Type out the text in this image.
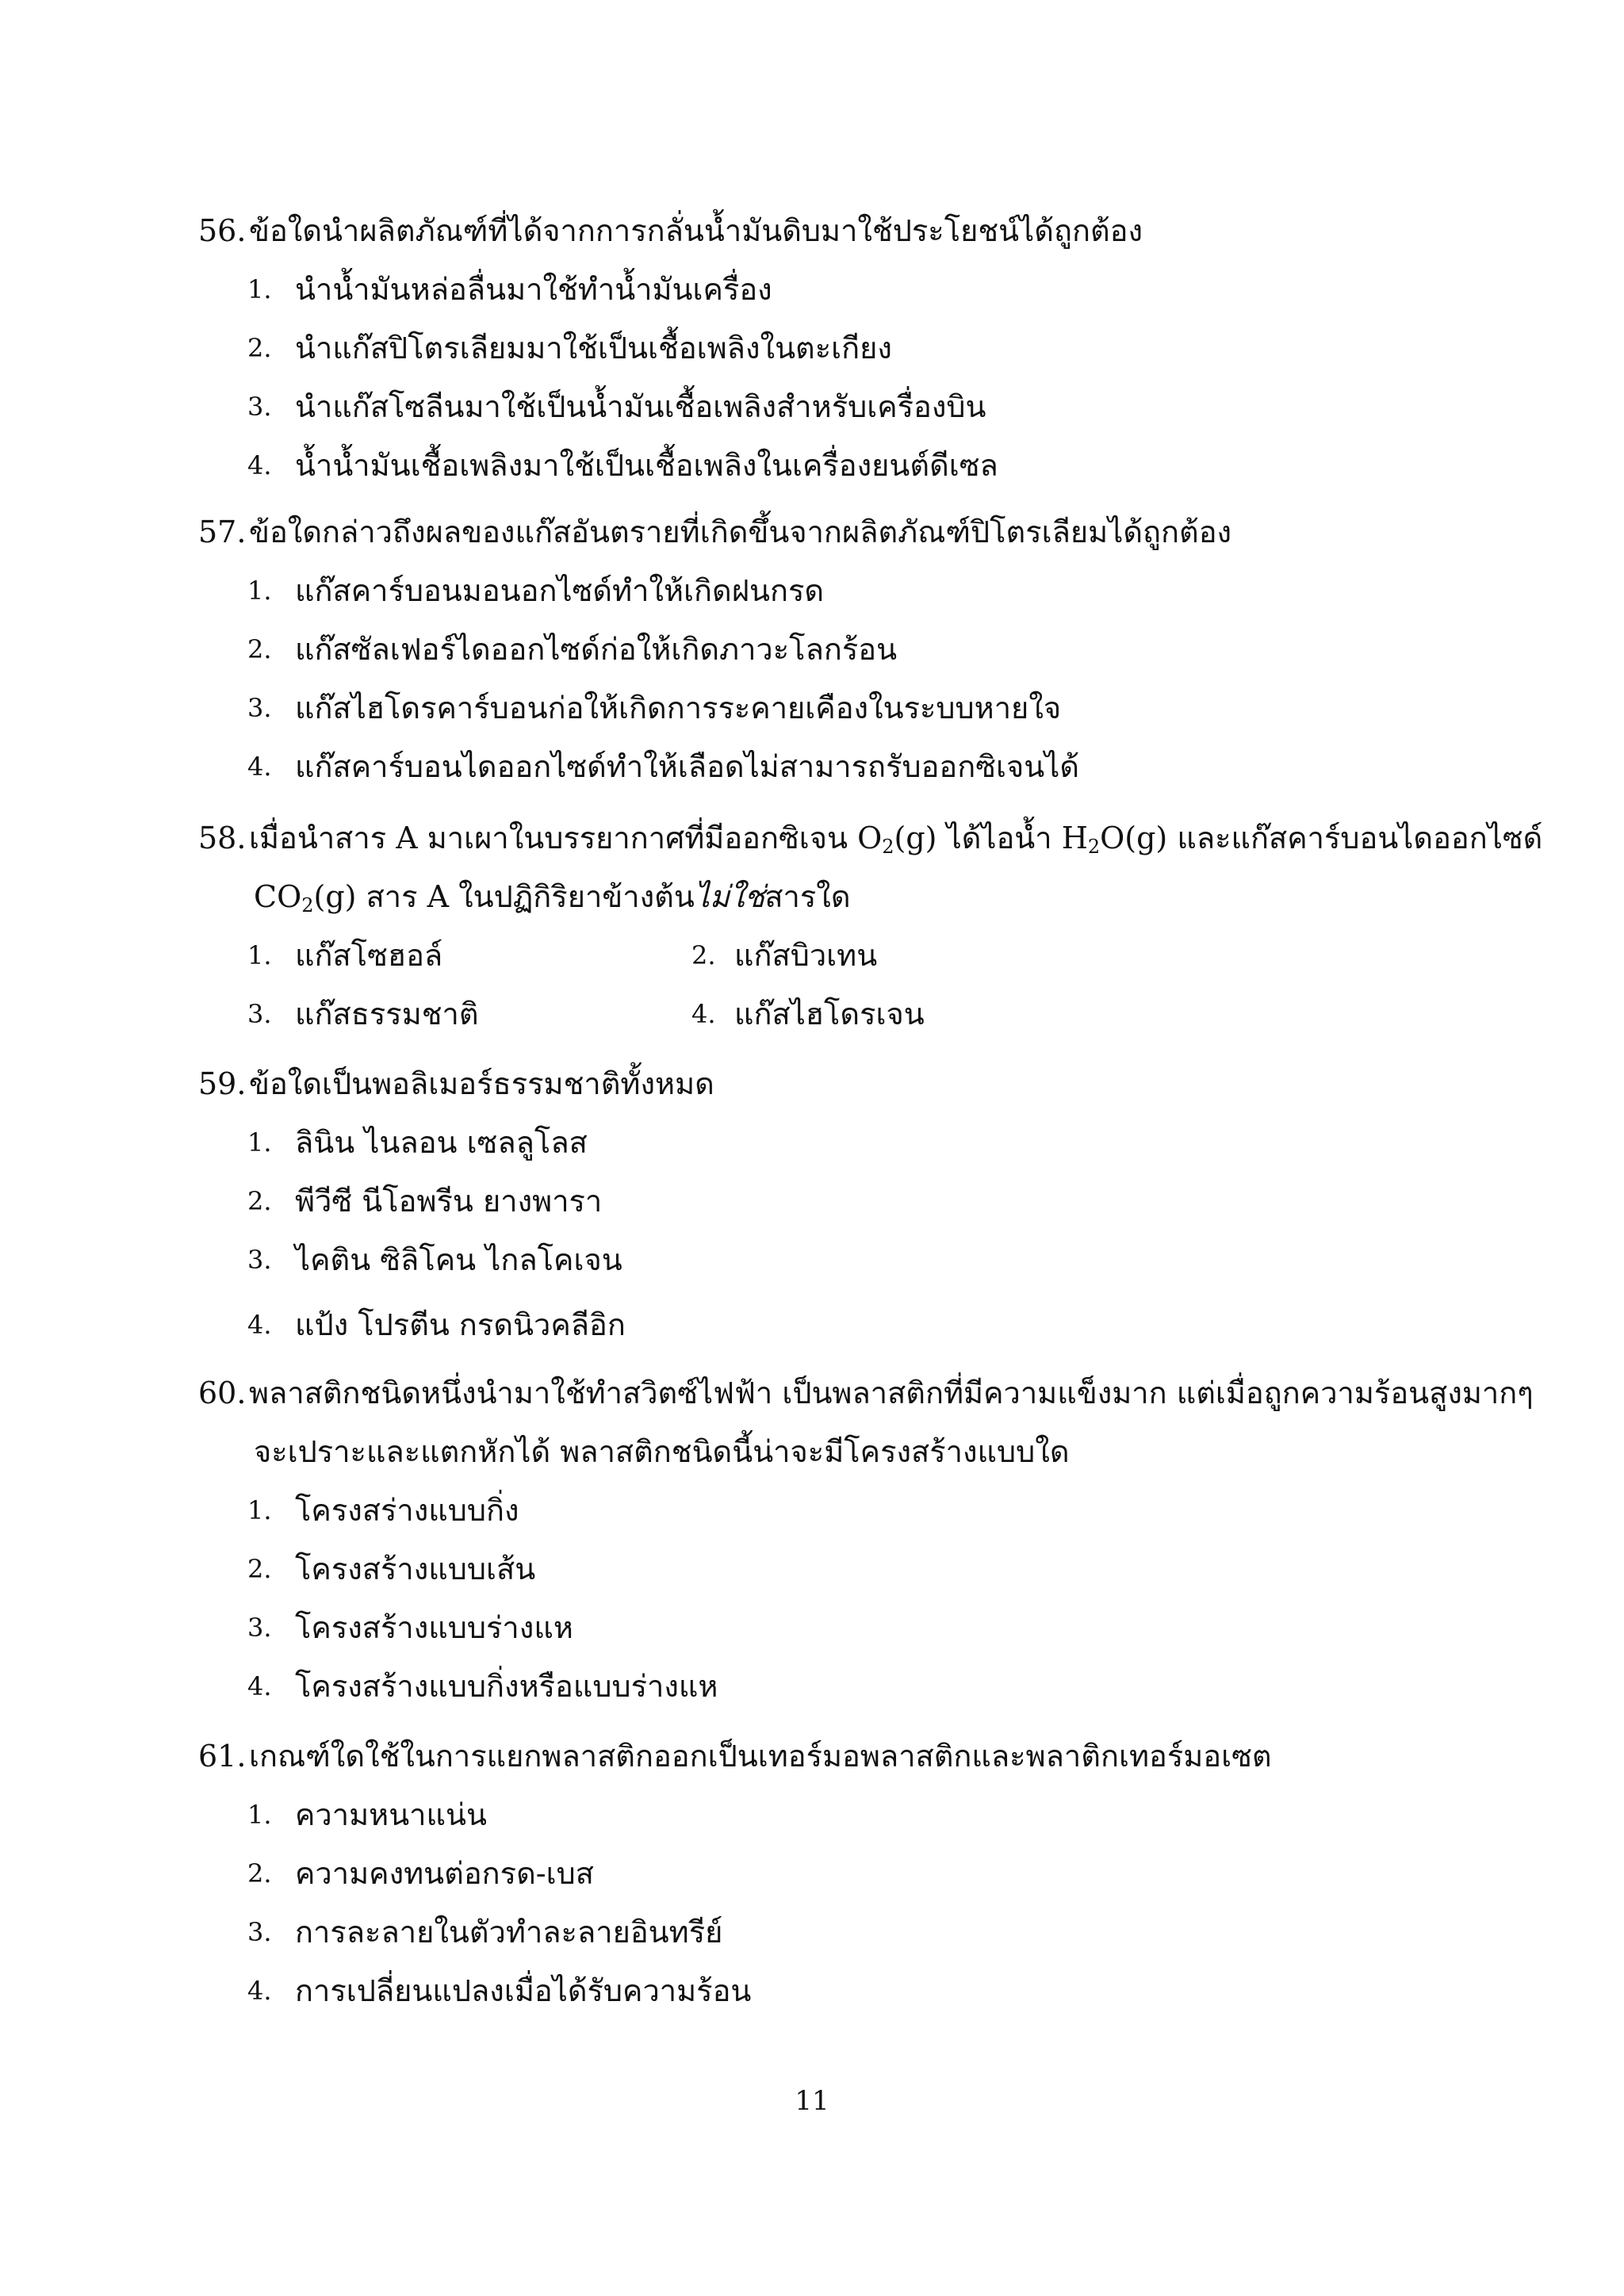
56. ข้อใดนำผลิตภัณฑ์ที่ได้จากการกลั่นน้ำมันดิบมาใช้ประโยชน์ได้ถูกต้อง
1. นำน้ำมันหล่อลื่นมาใช้ทำน้ำมันเครื่อง
2. นำแก๊สปิโตรเลียมมาใช้เป็นเชื้อเพลิงในตะเกียง
3. นำแก๊สโซลีนมาใช้เป็นน้ำมันเชื้อเพลิงสำหรับเครื่องบิน
4. น้ำน้ำมันเชื้อเพลิงมาใช้เป็นเชื้อเพลิงในเครื่องยนต์ดีเซล
57. ข้อใดกล่าวถึงผลของแก๊สอันตรายที่เกิดขึ้นจากผลิตภัณฑ์ปิโตรเลียมได้ถูกต้อง
1. แก๊สคาร์บอนมอนอกไซด์ทำให้เกิดฝนกรด
2. แก๊สซัลเฟอร์ไดออกไซด์ก่อให้เกิดภาวะโลกร้อน
3. แก๊สไฮโดรคาร์บอนก่อให้เกิดการระคายเคืองในระบบหายใจ
4. แก๊สคาร์บอนไดออกไซด์ทำให้เลือดไม่สามารถรับออกซิเจนได้
58. เมื่อนำสาร A มาเผาในบรรยากาศที่มีออกซิเจน $O_2(g)$ ได้ไอน้ำ $H_2O(g)$ และแก๊สคาร์บอนไดออกไซด์
$CO_2(g)$ สาร A ในปฏิกิริยาข้างต้นไม่ใช่สารใด
1. แก๊สโซฮอล์	2. แก๊สบิวเทน
3. แก๊สธรรมชาติ	4. แก๊สไฮโดรเจน
59. ข้อใดเป็นพอลิเมอร์ธรรมชาติทั้งหมด
1. ลินิน ไนลอน เซลลูโลส
2. พีวีซี นีโอพรีน ยางพารา
3. ไคติน ซิลิโคน ไกลโคเจน
4. แป้ง โปรตีน กรดนิวคลีอิก
60. พลาสติกชนิดหนึ่งนำมาใช้ทำสวิตซ์ไฟฟ้า เป็นพลาสติกที่มีความแข็งมาก แต่เมื่อถูกความร้อนสูงมากๆ
จะเปราะและแตกหักได้ พลาสติกชนิดนี้น่าจะมีโครงสร้างแบบใด
1. โครงสร่างแบบกิ่ง
2. โครงสร้างแบบเส้น
3. โครงสร้างแบบร่างแห
4. โครงสร้างแบบกิ่งหรือแบบร่างแห
61. เกณฑ์ใดใช้ในการแยกพลาสติกออกเป็นเทอร์มอพลาสติกและพลาติกเทอร์มอเซต
1. ความหนาแน่น
2. ความคงทนต่อกรด-เบส
3. การละลายในตัวทำละลายอินทรีย์
4. การเปลี่ยนแปลงเมื่อได้รับความร้อน
11
